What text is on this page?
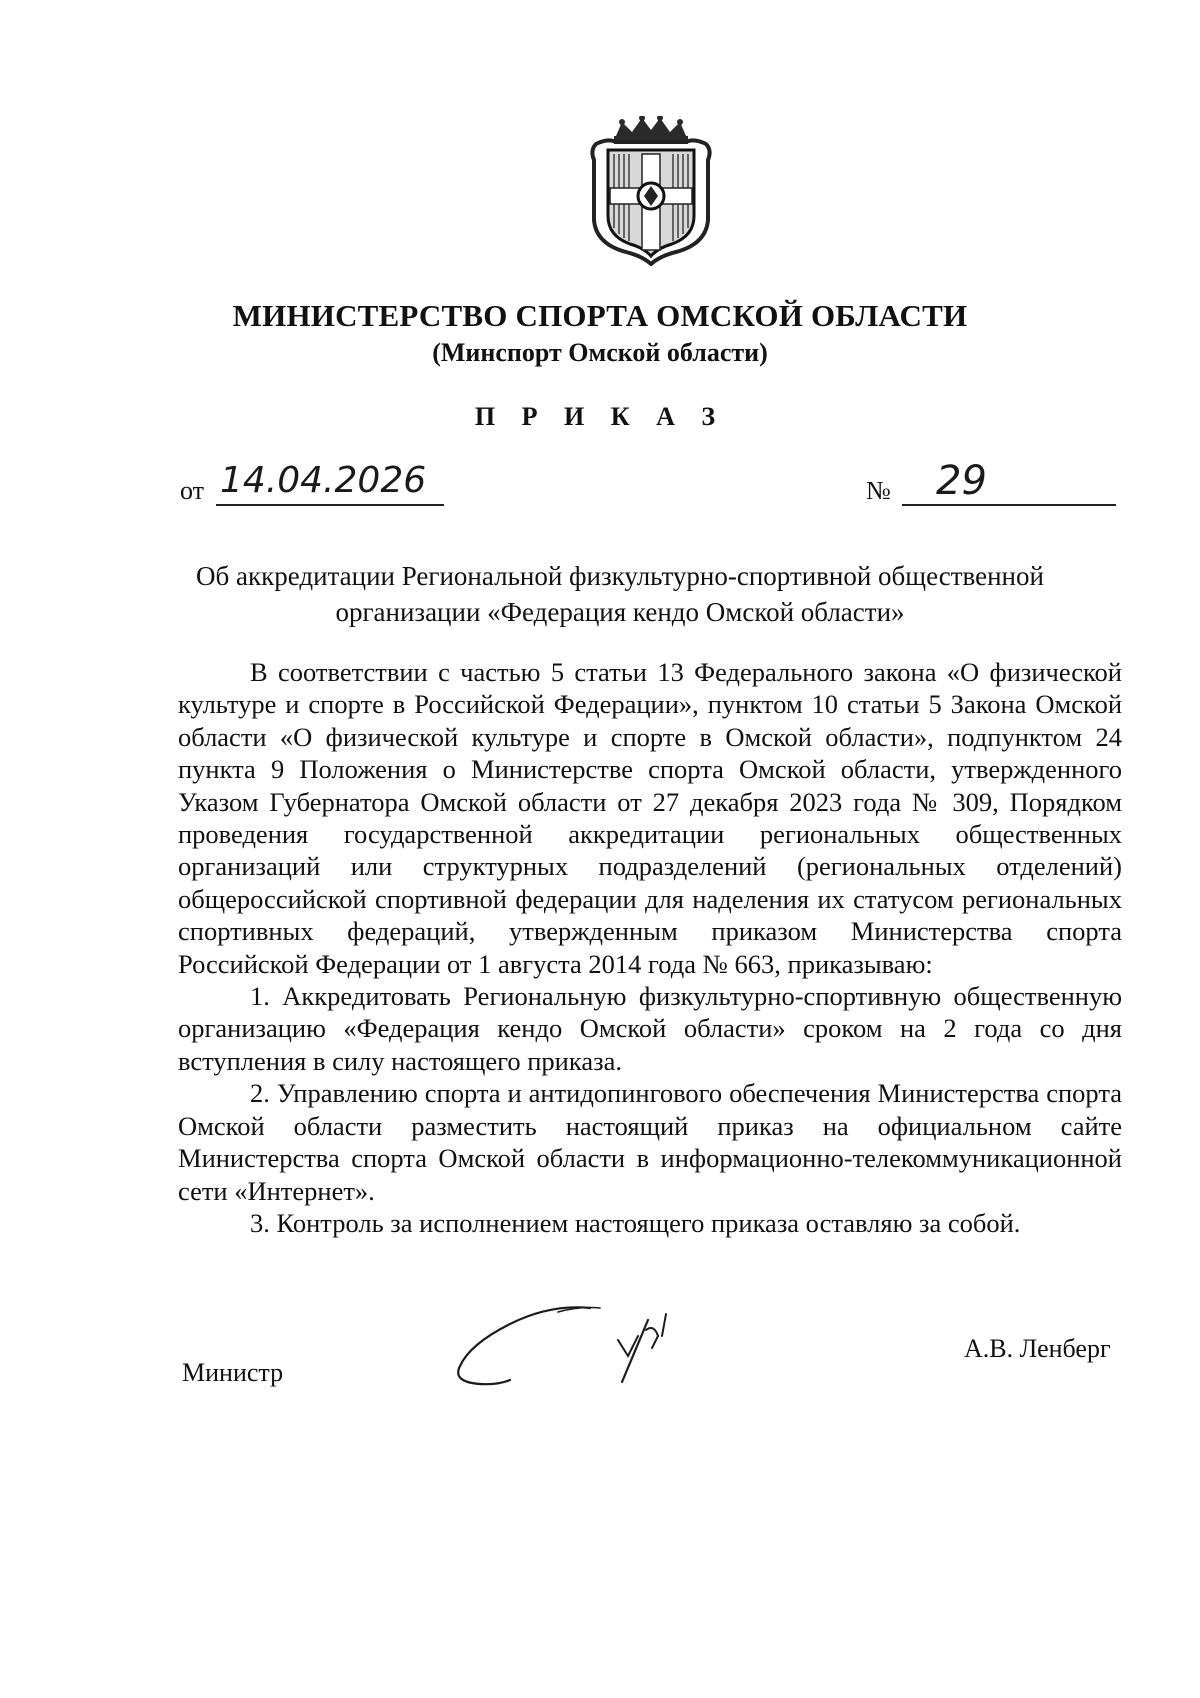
МИНИСТЕРСТВО СПОРТА ОМСКОЙ ОБЛАСТИ
(Минспорт Омской области)
П Р И К А З
от 14.04.2026	№ 29
Об аккредитации Региональной физкультурно-спортивной общественной организации «Федерация кендо Омской области»

В соответствии с частью 5 статьи 13 Федерального закона «О физической культуре и спорте в Российской Федерации», пунктом 10 статьи 5 Закона Омской области «О физической культуре и спорте в Омской области», подпунктом 24 пункта 9 Положения о Министерстве спорта Омской области, утвержденного Указом Губернатора Омской области от 27 декабря 2023 года № 309, Порядком проведения государственной аккредитации региональных общественных организаций или структурных подразделений (региональных отделений) общероссийской спортивной федерации для наделения их статусом региональных спортивных федераций, утвержденным приказом Министерства спорта Российской Федерации от 1 августа 2014 года № 663, приказываю:

1. Аккредитовать Региональную физкультурно-спортивную общественную организацию «Федерация кендо Омской области» сроком на 2 года со дня вступления в силу настоящего приказа.

2. Управлению спорта и антидопингового обеспечения Министерства спорта Омской области разместить настоящий приказ на официальном сайте Министерства спорта Омской области в информационно-телекоммуникационной сети «Интернет».

3. Контроль за исполнением настоящего приказа оставляю за собой.

Министр
А.В. Ленберг
